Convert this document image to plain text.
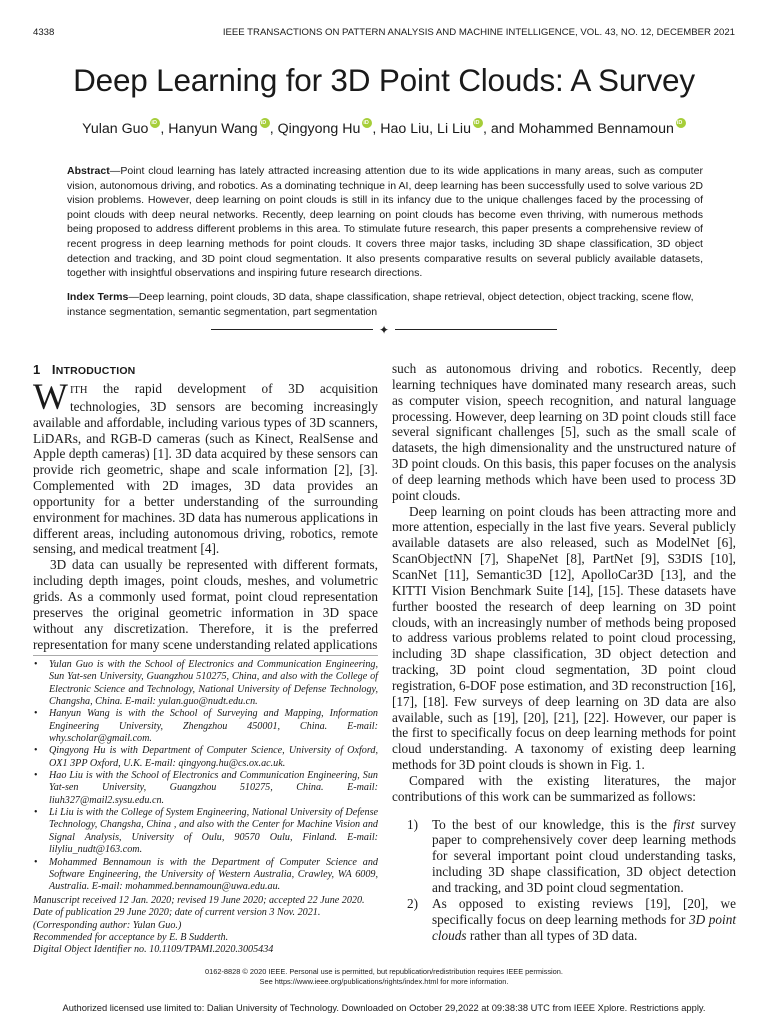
4338	IEEE TRANSACTIONS ON PATTERN ANALYSIS AND MACHINE INTELLIGENCE, VOL. 43, NO. 12, DECEMBER 2021
Deep Learning for 3D Point Clouds: A Survey
Yulan Guo iD , Hanyun Wang iD , Qingyong Hu iD , Hao Liu, Li Liu iD , and Mohammed BennamouniD

Abstract—Point cloud learning has lately attracted increasing attention due to its wide applications in many areas, such as computer vision, autonomous driving, and robotics. As a dominating technique in AI, deep learning has been successfully used to solve various 2D vision problems. However, deep learning on point clouds is still in its infancy due to the unique challenges faced by the processing of point clouds with deep neural networks. Recently, deep learning on point clouds has become even thriving, with numerous methods being proposed to address different problems in this area. To stimulate future research, this paper presents a comprehensive review of recent progress in deep learning methods for point clouds. It covers three major tasks, including 3D shape classification, 3D object detection and tracking, and 3D point cloud segmentation. It also presents comparative results on several publicly available datasets, together with insightful observations and inspiring future research directions.

Index Terms—Deep learning, point clouds, 3D data, shape classification, shape retrieval, object detection, object tracking, scene flow, instance segmentation, semantic segmentation, part segmentation

✦
1 INTRODUCTION

WITH the rapid development of 3D acquisition technologies, 3D sensors are becoming increasingly available and affordable, including various types of 3D scanners, LiDARs, and RGB-D cameras (such as Kinect, RealSense and Apple depth cameras) [1]. 3D data acquired by these sensors can provide rich geometric, shape and scale information [2], [3]. Complemented with 2D images, 3D data provides an opportunity for a better understanding of the surrounding environment for machines. 3D data has numerous applications in different areas, including autonomous driving, robotics, remote sensing, and medical treatment [4].

3D data can usually be represented with different formats, including depth images, point clouds, meshes, and volumetric grids. As a commonly used format, point cloud representation preserves the original geometric information in 3D space without any discretization. Therefore, it is the preferred representation for many scene understanding related applications

• Yulan Guo is with the School of Electronics and Communication Engineering, Sun Yat-sen University, Guangzhou 510275, China, and also with the College of Electronic Science and Technology, National University of Defense Technology, Changsha, China. E-mail: yulan.guo@nudt.edu.cn.
• Hanyun Wang is with the School of Surveying and Mapping, Information Engineering University, Zhengzhou 450001, China. E-mail: why.scholar@gmail.com.
• Qingyong Hu is with Department of Computer Science, University of Oxford, OX1 3PP Oxford, U.K. E-mail: qingyong.hu@cs.ox.ac.uk.
• Hao Liu is with the School of Electronics and Communication Engineering, Sun Yat-sen University, Guangzhou 510275, China. E-mail: liuh327@mail2.sysu.edu.cn.
• Li Liu is with the College of System Engineering, National University of Defense Technology, Changsha, China , and also with the Center for Machine Vision and Signal Analysis, University of Oulu, 90570 Oulu, Finland. E-mail: lilyliu_nudt@163.com.
• Mohammed Bennamoun is with the Department of Computer Science and Software Engineering, the University of Western Australia, Crawley, WA 6009, Australia. E-mail: mohammed.bennamoun@uwa.edu.au.
Manuscript received 12 Jan. 2020; revised 19 June 2020; accepted 22 June 2020.
Date of publication 29 June 2020; date of current version 3 Nov. 2021.
(Corresponding author: Yulan Guo.)
Recommended for acceptance by E. B Sudderth.
Digital Object Identifier no. 10.1109/TPAMI.2020.3005434

such as autonomous driving and robotics. Recently, deep learning techniques have dominated many research areas, such as computer vision, speech recognition, and natural language processing. However, deep learning on 3D point clouds still face several significant challenges [5], such as the small scale of datasets, the high dimensionality and the unstructured nature of 3D point clouds. On this basis, this paper focuses on the analysis of deep learning methods which have been used to process 3D point clouds.

Deep learning on point clouds has been attracting more and more attention, especially in the last five years. Several publicly available datasets are also released, such as ModelNet [6], ScanObjectNN [7], ShapeNet [8], PartNet [9], S3DIS [10], ScanNet [11], Semantic3D [12], ApolloCar3D [13], and the KITTI Vision Benchmark Suite [14], [15]. These datasets have further boosted the research of deep learning on 3D point clouds, with an increasingly number of methods being proposed to address various problems related to point cloud processing, including 3D shape classification, 3D object detection and tracking, 3D point cloud segmentation, 3D point cloud registration, 6-DOF pose estimation, and 3D reconstruction [16], [17], [18]. Few surveys of deep learning on 3D data are also available, such as [19], [20], [21], [22]. However, our paper is the first to specifically focus on deep learning methods for point cloud understanding. A taxonomy of existing deep learning methods for 3D point clouds is shown in Fig. 1.

Compared with the existing literatures, the major contributions of this work can be summarized as follows:

1) To the best of our knowledge, this is the first survey paper to comprehensively cover deep learning methods for several important point cloud understanding tasks, including 3D shape classification, 3D object detection and tracking, and 3D point cloud segmentation.
2) As opposed to existing reviews [19], [20], we specifically focus on deep learning methods for 3D point clouds rather than all types of 3D data.
0162-8828 © 2020 IEEE. Personal use is permitted, but republication/redistribution requires IEEE permission.
See https://www.ieee.org/publications/rights/index.html for more information.
Authorized licensed use limited to: Dalian University of Technology. Downloaded on October 29,2022 at 09:38:38 UTC from IEEE Xplore. Restrictions apply.
